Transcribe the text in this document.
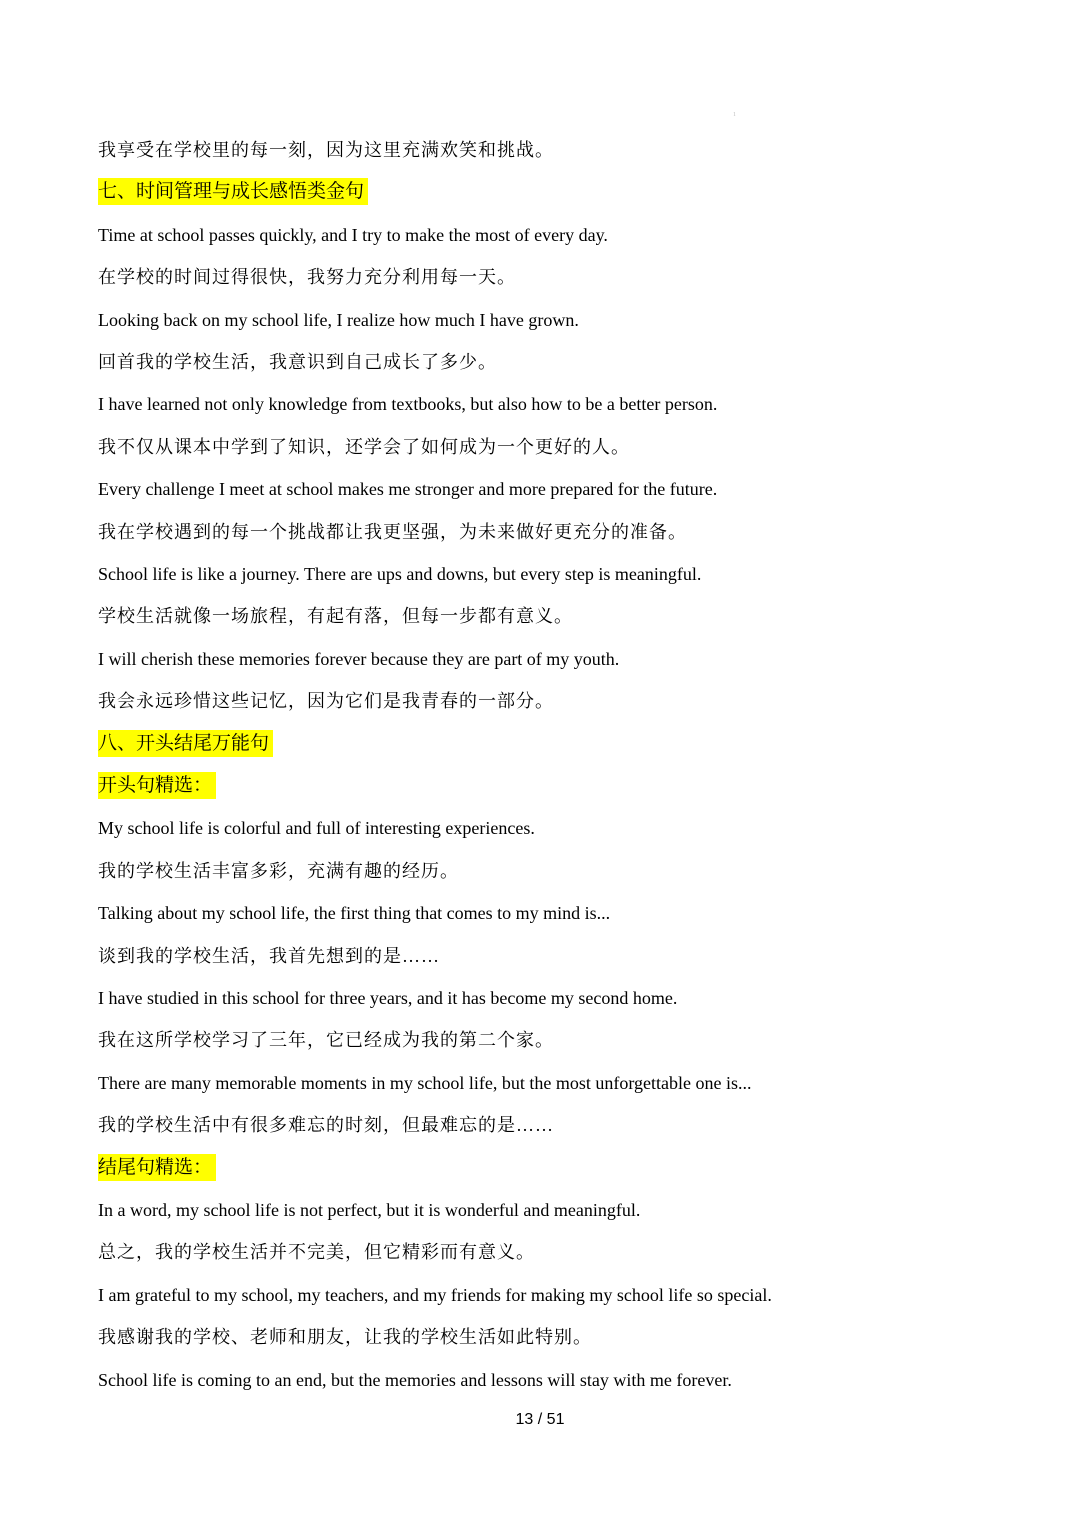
1
我享受在学校里的每一刻，因为这里充满欢笑和挑战。
七、时间管理与成长感悟类金句
Time at school passes quickly, and I try to make the most of every day.
在学校的时间过得很快，我努力充分利用每一天。
Looking back on my school life, I realize how much I have grown.
回首我的学校生活，我意识到自己成长了多少。
I have learned not only knowledge from textbooks, but also how to be a better person.
我不仅从课本中学到了知识，还学会了如何成为一个更好的人。
Every challenge I meet at school makes me stronger and more prepared for the future.
我在学校遇到的每一个挑战都让我更坚强，为未来做好更充分的准备。
School life is like a journey. There are ups and downs, but every step is meaningful.
学校生活就像一场旅程，有起有落，但每一步都有意义。
I will cherish these memories forever because they are part of my youth.
我会永远珍惜这些记忆，因为它们是我青春的一部分。
八、开头结尾万能句
开头句精选：
My school life is colorful and full of interesting experiences.
我的学校生活丰富多彩，充满有趣的经历。
Talking about my school life, the first thing that comes to my mind is...
谈到我的学校生活，我首先想到的是……
I have studied in this school for three years, and it has become my second home.
我在这所学校学习了三年，它已经成为我的第二个家。
There are many memorable moments in my school life, but the most unforgettable one is...
我的学校生活中有很多难忘的时刻，但最难忘的是……
结尾句精选：
In a word, my school life is not perfect, but it is wonderful and meaningful.
总之，我的学校生活并不完美，但它精彩而有意义。
I am grateful to my school, my teachers, and my friends for making my school life so special.
我感谢我的学校、老师和朋友，让我的学校生活如此特别。
School life is coming to an end, but the memories and lessons will stay with me forever.
13 / 51
